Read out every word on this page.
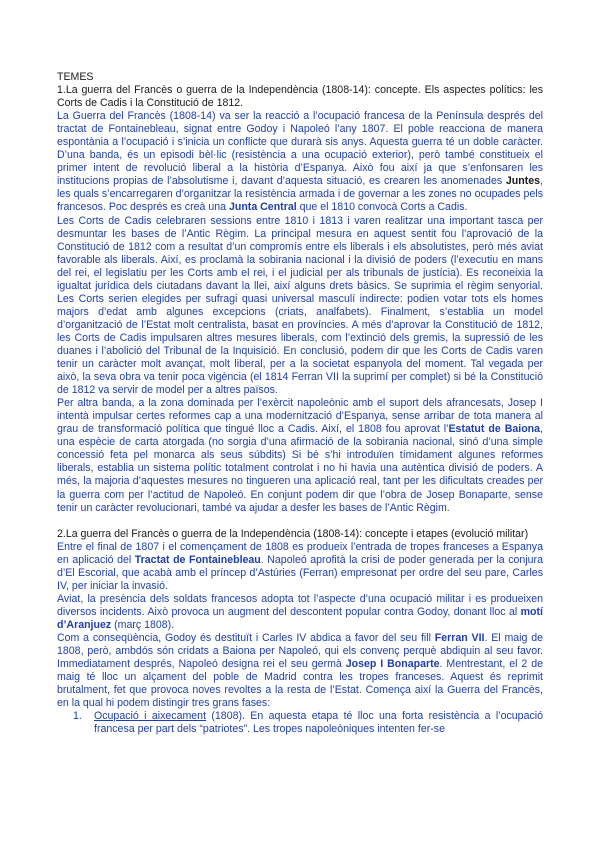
TEMES

1.La guerra del Francès o guerra de la Independència (1808-14): concepte. Els aspectes polítics: les Corts de Cadis i la Constitució de 1812.

La Guerra del Francès (1808-14) va ser la reacció a l’ocupació francesa de la Península després del tractat de Fontainebleau, signat entre Godoy i Napoleó l’any 1807. El poble reacciona de manera espontània a l’ocupació i s’inicia un conflicte que durarà sis anys. Aquesta guerra té un doble caràcter. D’una banda, és un episodi bèl·lic (resistència a una ocupació exterior), però també constitueix el primer intent de revolució liberal a la història d’Espanya. Això fou així ja que s’enfonsaren les institucions propias de l’absolutisme i, davant d’aquesta situació, es crearen les anomenades Juntes, les quals s’encarregaren d’organitzar la resistència armada i de governar a les zones no ocupades pels francesos. Poc després es creà una Junta Central que el 1810 convocà Corts a Cadis.

Les Corts de Cadis celebraren sessions entre 1810 i 1813 i varen realitzar una important tasca per desmuntar les bases de l’Antic Règim. La principal mesura en aquest sentit fou l’aprovació de la Constitució de 1812 com a resultat d’un compromís entre els liberals i els absolutistes, però més aviat favorable als liberals. Així, es proclamà la sobirania nacional i la divisió de poders (l’executiu en mans del rei, el legislatiu per les Corts amb el rei, i el judicial per als tribunals de justícia). Es reconeixia la igualtat jurídica dels ciutadans davant la llei, així alguns drets bàsics. Se suprimia el règim senyorial. Les Corts serien elegides per sufragi quasi universal masculí indirecte: podien votar tots els homes majors d’edat amb algunes excepcions (criats, analfabets). Finalment, s’establia un model d’organització de l’Estat molt centralista, basat en províncies. A més d’aprovar la Constitució de 1812, les Corts de Cadis impulsaren altres mesures liberals, com l’extinció dels gremis, la supressió de les duanes i l’abolició del Tribunal de la Inquisició. En conclusió, podem dir que les Corts de Cadis varen tenir un caràcter molt avançat, molt liberal, per a la societat espanyola del moment. Tal vegada per això, la seva obra va tenir poca vigència (el 1814 Ferran VII la suprimí per complet) si bé la Constitució de 1812 va servir de model per a altres països.

Per altra banda, a la zona dominada per l’exèrcit napoleònic amb el suport dels afrancesats, Josep I intentà impulsar certes reformes cap a una modernització d’Espanya, sense arribar de tota manera al grau de transformació política que tingué lloc a Cadis. Així, el 1808 fou aprovat l’Estatut de Baiona, una espècie de carta atorgada (no sorgia d’una afirmació de la sobirania nacional, sinó d’una simple concessió feta pel monarca als seus súbdits) Si bé s’hi introduïen tímidament algunes reformes liberals, establia un sistema polític totalment controlat i no hi havia una autèntica divisió de poders. A més, la majoria d’aquestes mesures no tingueren una aplicació real, tant per les dificultats creades per la guerra com per l’actitud de Napoleó. En conjunt podem dir que l’obra de Josep Bonaparte, sense tenir un caràcter revolucionari, també va ajudar a desfer les bases de l’Antic Règim.

2.La guerra del Francès o guerra de la Independència (1808-14): concepte i etapes (evolució militar)

Entre el final de 1807 i el començament de 1808 es produeix l’entrada de tropes franceses a Espanya en aplicació del Tractat de Fontainebleau. Napoleó aprofità la crisi de poder generada per la conjura d’El Escorial, que acabà amb el príncep d’Astúries (Ferran) empresonat per ordre del seu pare, Carles IV, per iniciar la invasió.

Aviat, la presència dels soldats francesos adopta tot l’aspecte d’una ocupació militar i es produeixen diversos incidents. Això provoca un augment del descontent popular contra Godoy, donant lloc al motí d’Aranjuez (març 1808).

Com a conseqüència, Godoy és destituït i Carles IV abdica a favor del seu fill Ferran VII. El maig de 1808, però, ambdós són cridats a Baiona per Napoleó, qui els convenç perquè abdiquin al seu favor. Immediatament després, Napoleó designa rei el seu germà Josep I Bonaparte. Mentrestant, el 2 de maig té lloc un alçament del poble de Madrid contra les tropes franceses. Aquest és reprimit brutalment, fet que provoca noves revoltes a la resta de l’Estat. Comença així la Guerra del Francès, en la qual hi podem distingir tres grans fases:

1. Ocupació i aixecament (1808). En aquesta etapa té lloc una forta resistència a l’ocupació francesa per part dels “patriotes”. Les tropes napoleòniques intenten fer-se
